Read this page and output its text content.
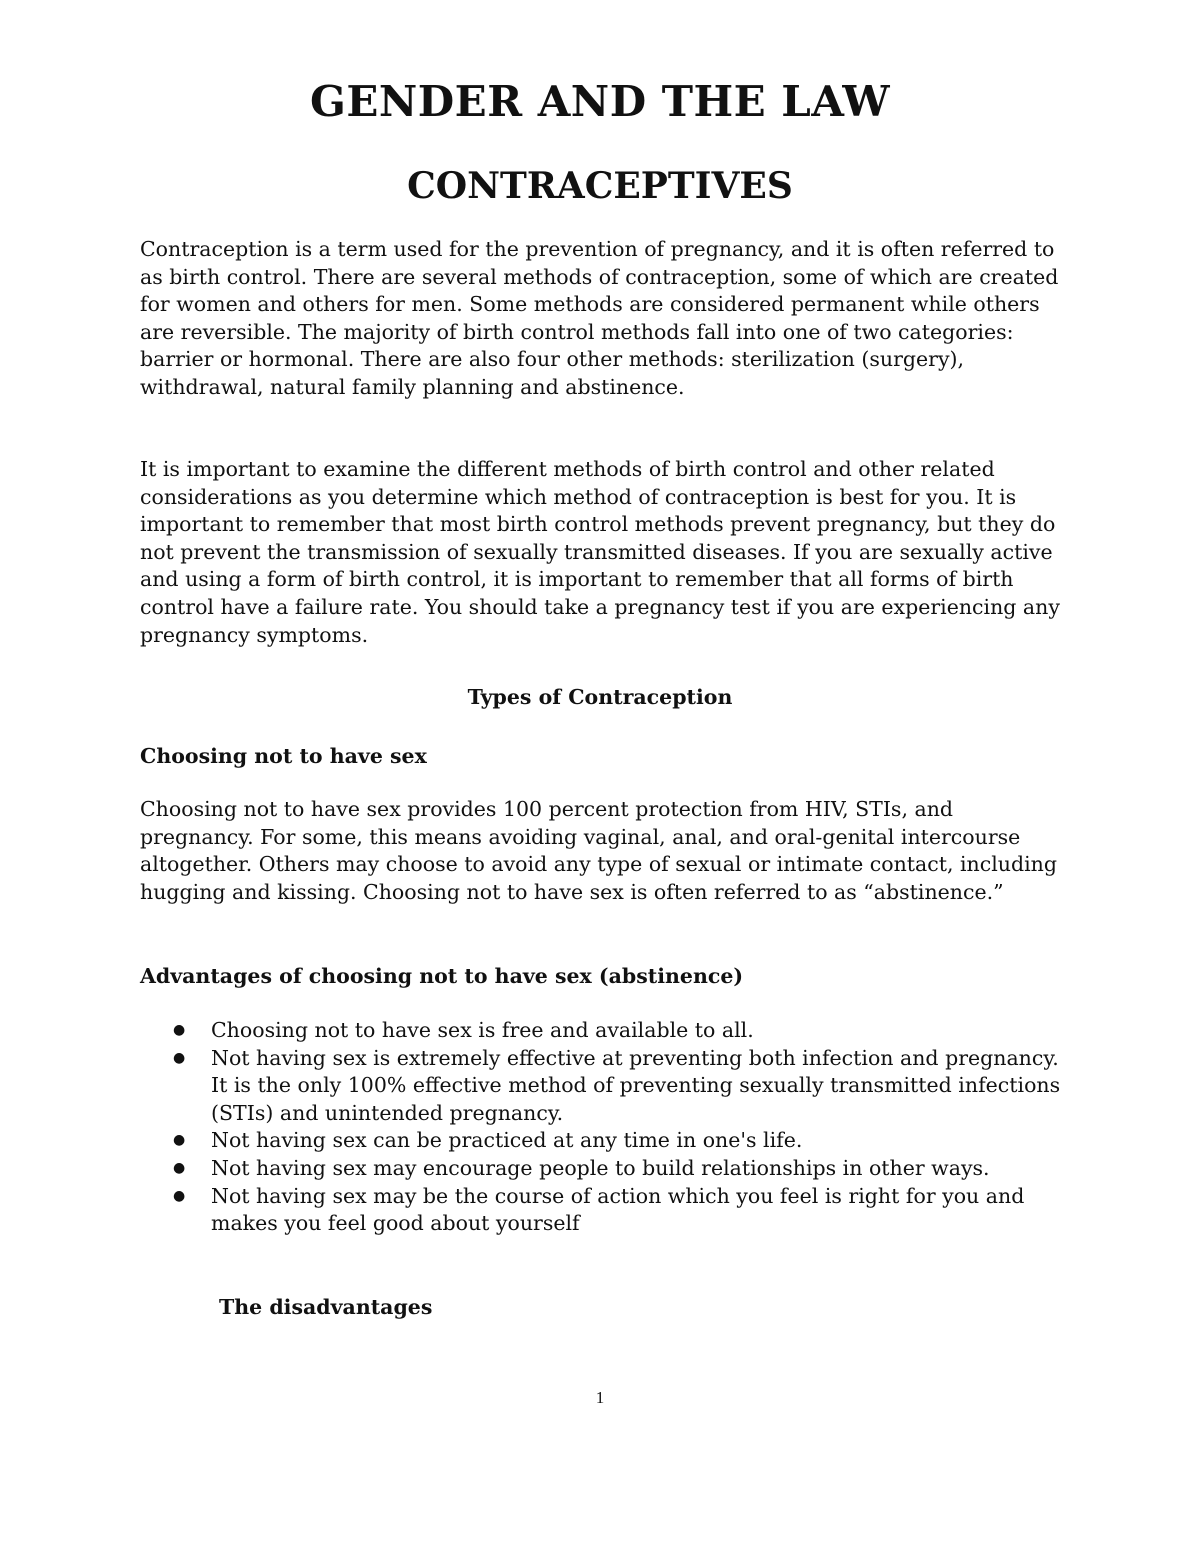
GENDER AND THE LAW
CONTRACEPTIVES

Contraception is a term used for the prevention of pregnancy, and it is often referred to as birth control. There are several methods of contraception, some of which are created for women and others for men. Some methods are considered permanent while others are reversible. The majority of birth control methods fall into one of two categories: barrier or hormonal. There are also four other methods: sterilization (surgery), withdrawal, natural family planning and abstinence.

It is important to examine the different methods of birth control and other related considerations as you determine which method of contraception is best for you. It is important to remember that most birth control methods prevent pregnancy, but they do not prevent the transmission of sexually transmitted diseases. If you are sexually active and using a form of birth control, it is important to remember that all forms of birth control have a failure rate. You should take a pregnancy test if you are experiencing any pregnancy symptoms.

Types of Contraception
Choosing not to have sex

Choosing not to have sex provides 100 percent protection from HIV, STIs, and pregnancy. For some, this means avoiding vaginal, anal, and oral-genital intercourse altogether. Others may choose to avoid any type of sexual or intimate contact, including hugging and kissing. Choosing not to have sex is often referred to as “abstinence.”

Advantages of choosing not to have sex (abstinence)
● Choosing not to have sex is free and available to all.
● Not having sex is extremely effective at preventing both infection and pregnancy. It is the only 100% effective method of preventing sexually transmitted infections (STIs) and unintended pregnancy.
● Not having sex can be practiced at any time in one's life.
● Not having sex may encourage people to build relationships in other ways.
● Not having sex may be the course of action which you feel is right for you and makes you feel good about yourself
The disadvantages

1
